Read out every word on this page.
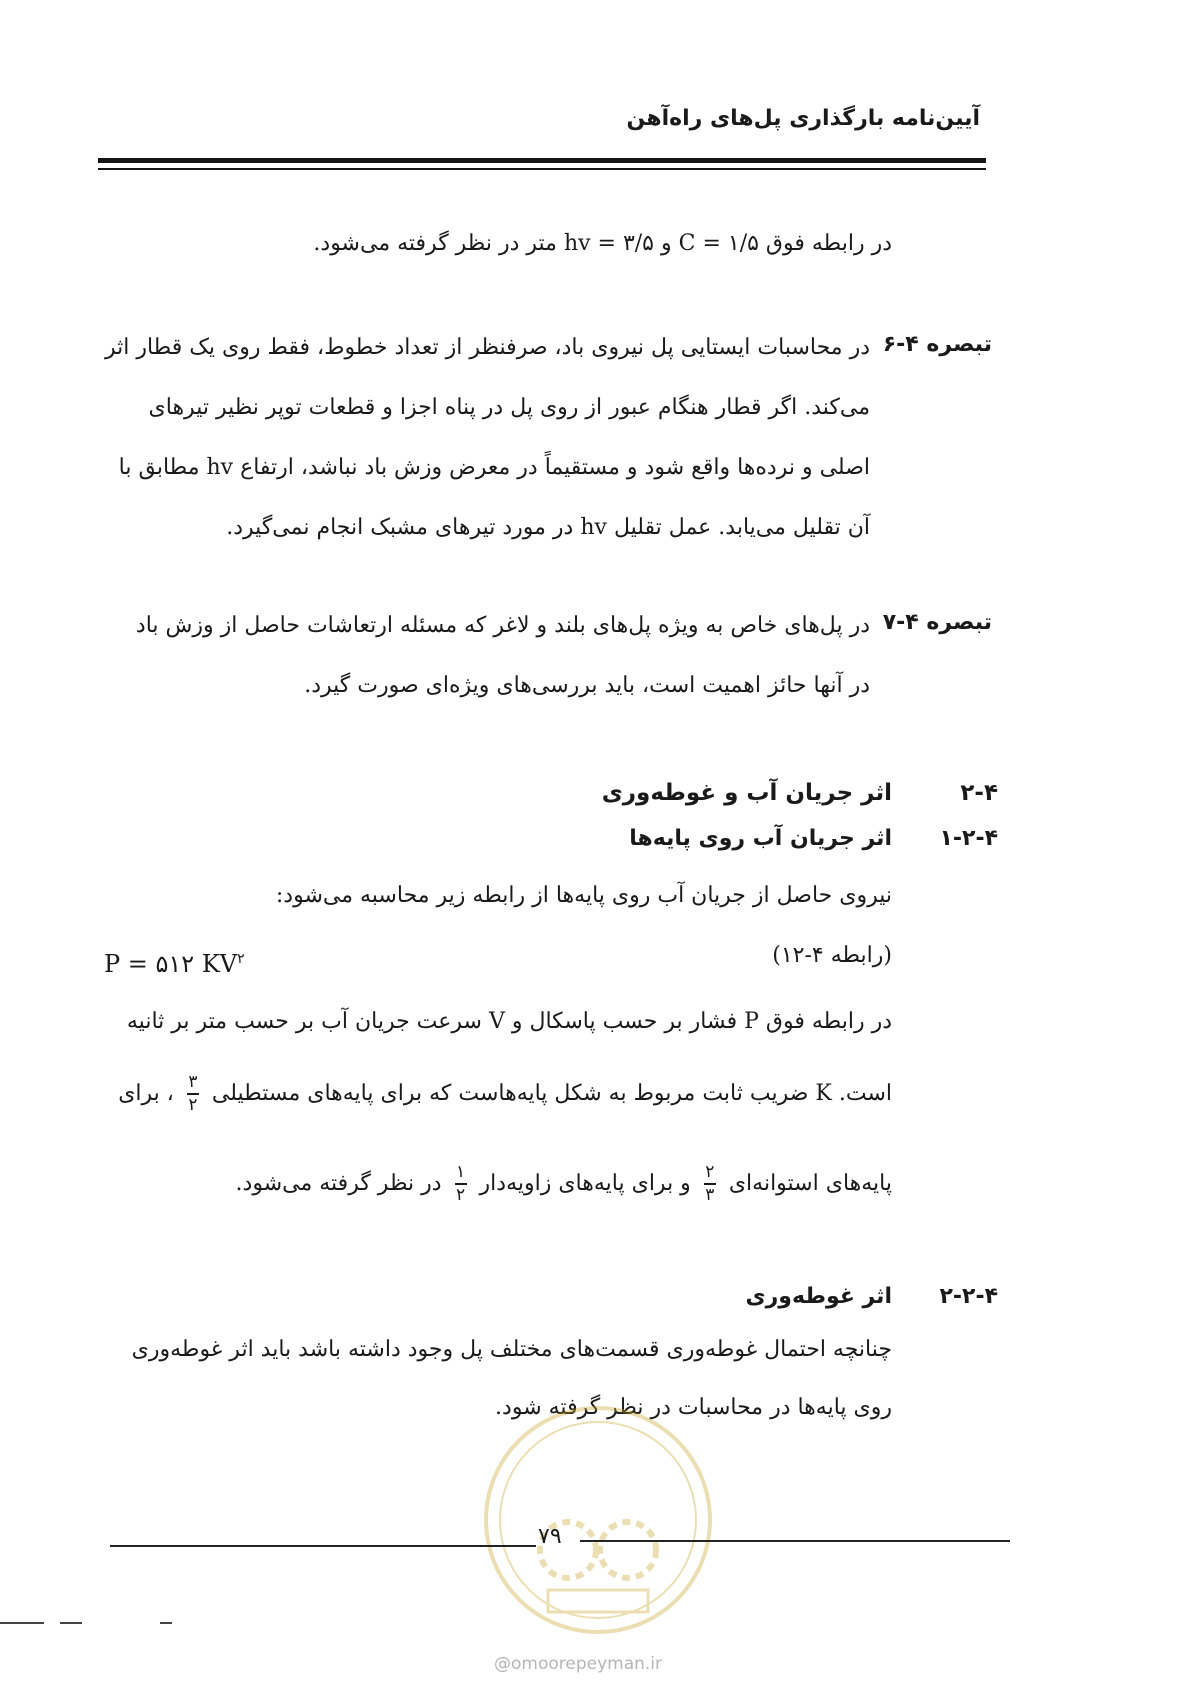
آیین‌نامه بارگذاری پل‌های راه‌آهن
در رابطه فوق C = ۱/۵ و hv = ۳/۵ متر در نظر گرفته می‌شود.
تبصره ۴-۶
در محاسبات ایستایی پل نیروی باد، صرفنظر از تعداد خطوط، فقط روی یک قطار اثر
می‌کند. اگر قطار هنگام عبور از روی پل در پناه اجزا و قطعات توپر نظیر تیرهای
اصلی و نرده‌ها واقع شود و مستقیماً در معرض وزش باد نباشد، ارتفاع hv مطابق با
آن تقلیل می‌یابد. عمل تقلیل hv در مورد تیرهای مشبک انجام نمی‌گیرد.
تبصره ۴-۷
در پل‌های خاص به ویژه پل‌های بلند و لاغر که مسئله ارتعاشات حاصل از وزش باد
در آنها حائز اهمیت است، باید بررسی‌های ویژه‌ای صورت گیرد.
۲-۴
اثر جریان آب و غوطه‌وری
۱-۲-۴
اثر جریان آب روی پایه‌ها
نیروی حاصل از جریان آب روی پایه‌ها از رابطه زیر محاسبه می‌شود:
(رابطه ۴-۱۲)
P = ۵۱۲ $KV^۲$
در رابطه فوق P فشار بر حسب پاسکال و V سرعت جریان آب بر حسب متر بر ثانیه
است. K ضریب ثابت مربوط به شکل پایه‌هاست که برای پایه‌های مستطیلی
$\frac{۳}{۲}$
، برای
پایه‌های استوانه‌ای
$\frac{۲}{۳}$
و برای پایه‌های زاویه‌دار
$\frac{۱}{۲}$
در نظر گرفته می‌شود.
۲-۲-۴
اثر غوطه‌وری
چنانچه احتمال غوطه‌وری قسمت‌های مختلف پل وجود داشته باشد باید اثر غوطه‌وری
روی پایه‌ها در محاسبات در نظر گرفته شود.
۷۹
@omoorepeyman.ir
